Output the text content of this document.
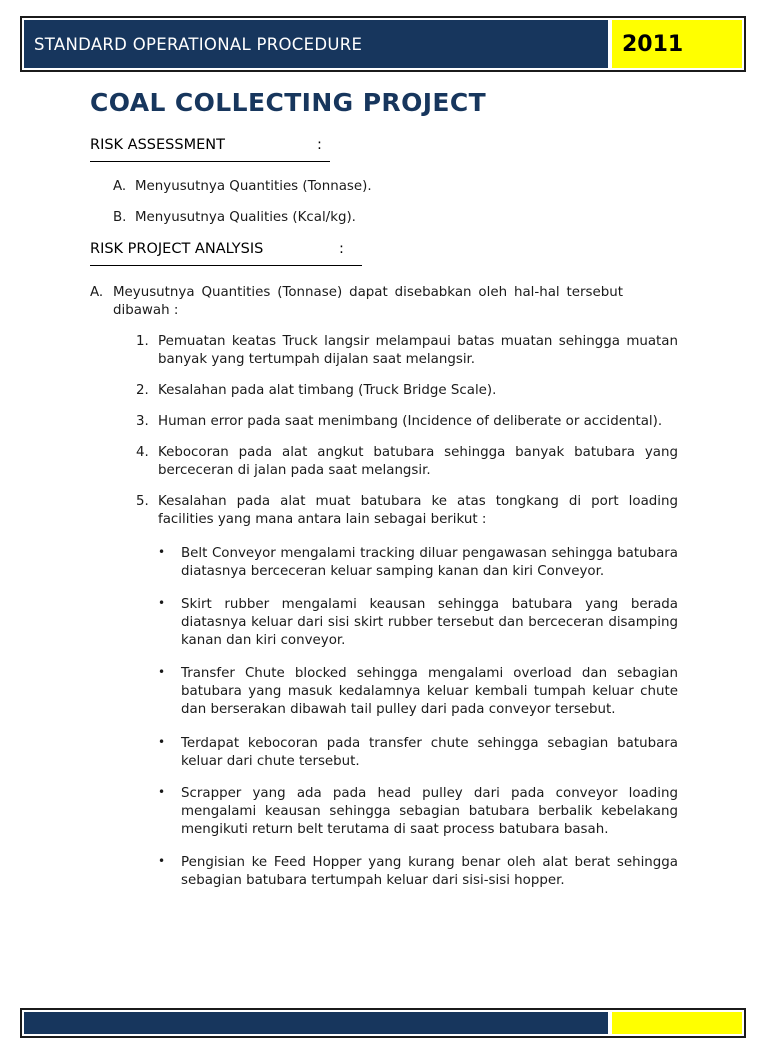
STANDARD OPERATIONAL PROCEDURE	2011
COAL COLLECTING PROJECT
RISK ASSESSMENT	:
A. Menyusutnya Quantities (Tonnase).
B. Menyusutnya Qualities (Kcal/kg).
RISK PROJECT ANALYSIS	:
A. Meyusutnya Quantities (Tonnase) dapat disebabkan oleh hal-hal tersebut dibawah :
1. Pemuatan keatas Truck langsir melampaui batas muatan sehingga muatan banyak yang tertumpah dijalan saat melangsir.
2. Kesalahan pada alat timbang (Truck Bridge Scale).
3. Human error pada saat menimbang (Incidence of deliberate or accidental).
4. Kebocoran pada alat angkut batubara sehingga banyak batubara yang berceceran di jalan pada saat melangsir.
5. Kesalahan pada alat muat batubara ke atas tongkang di port loading facilities yang mana antara lain sebagai berikut :
• Belt Conveyor mengalami tracking diluar pengawasan sehingga batubara diatasnya berceceran keluar samping kanan dan kiri Conveyor.
• Skirt rubber mengalami keausan sehingga batubara yang berada diatasnya keluar dari sisi skirt rubber tersebut dan berceceran disamping kanan dan kiri conveyor.
• Transfer Chute blocked sehingga mengalami overload dan sebagian batubara yang masuk kedalamnya keluar kembali tumpah keluar chute dan berserakan dibawah tail pulley dari pada conveyor tersebut.
• Terdapat kebocoran pada transfer chute sehingga sebagian batubara keluar dari chute tersebut.
• Scrapper yang ada pada head pulley dari pada conveyor loading mengalami keausan sehingga sebagian batubara berbalik kebelakang mengikuti return belt terutama di saat process batubara basah.
• Pengisian ke Feed Hopper yang kurang benar oleh alat berat sehingga sebagian batubara tertumpah keluar dari sisi-sisi hopper.
